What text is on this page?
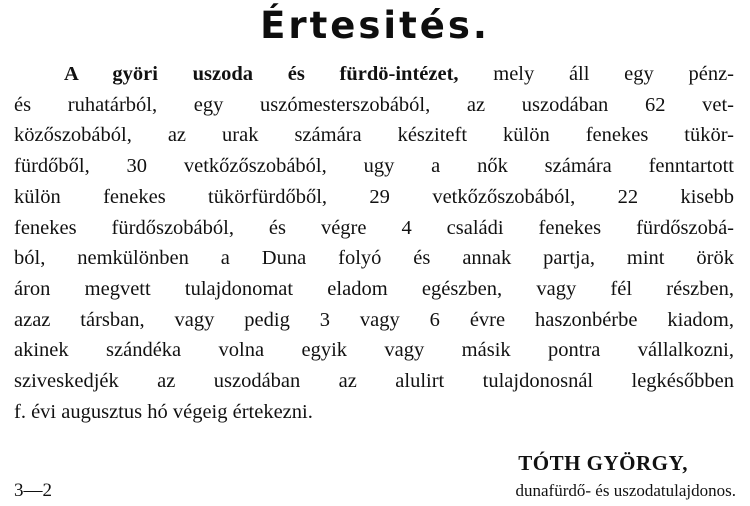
Értesités.
A györi uszoda és fürdö-intézet, mely áll egy pénz-
és ruhatárból, egy uszómesterszobából, az uszodában 62 vet-
közőszobából, az urak számára késziteft külön fenekes tükör-
fürdőből, 30 vetkőzőszobából, ugy a nők számára fenntartott
külön fenekes tükörfürdőből, 29 vetkőzőszobából, 22 kisebb
fenekes fürdőszobából, és végre 4 családi fenekes fürdőszobá-
ból, nemkülönben a Duna folyó és annak partja, mint örök
áron megvett tulajdonomat eladom egészben, vagy fél részben,
azaz társban, vagy pedig 3 vagy 6 évre haszonbérbe kiadom,
akinek szándéka volna egyik vagy másik pontra vállalkozni,
sziveskedjék az uszodában az alulirt tulajdonosnál legkésőbben
f. évi augusztus hó végeig értekezni.
TÓTH GYÖRGY,
dunafürdő- és uszodatulajdonos.
3—2
